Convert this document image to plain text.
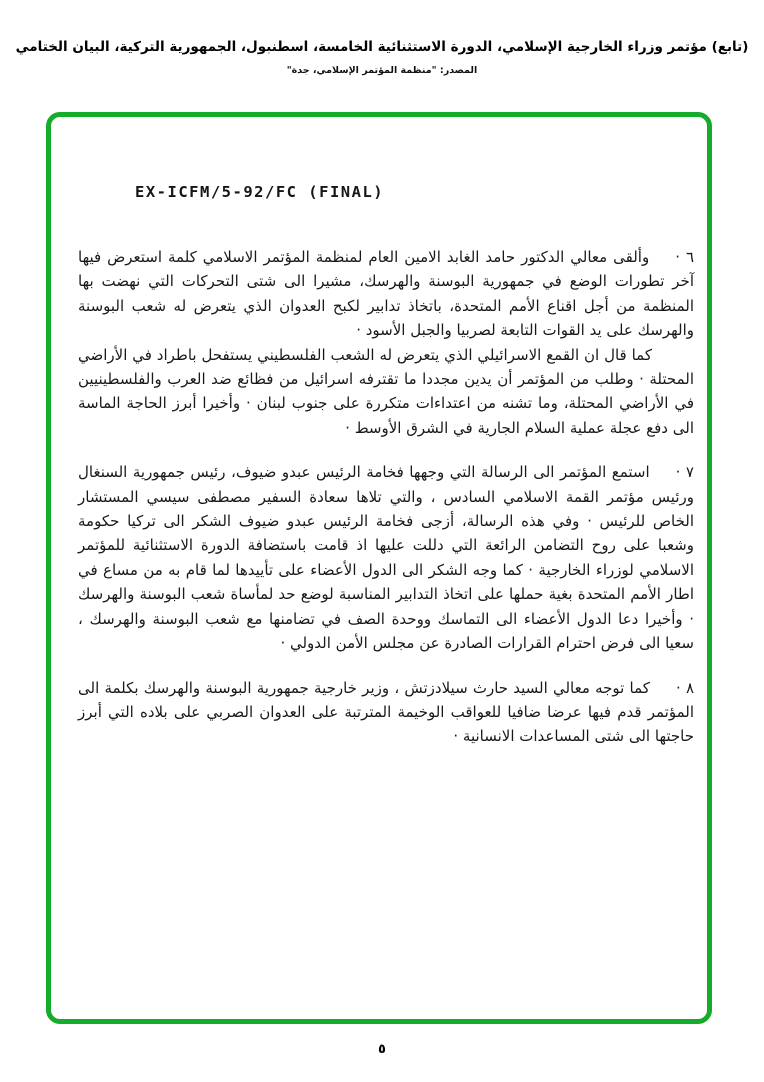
(تابع) مؤتمر وزراء الخارجية الإسلامي، الدورة الاستثنائية الخامسة، اسطنبول، الجمهورية التركية، البيان الختامي
المصدر: "منظمة المؤتمر الإسلامي، جدة"
EX-ICFM/5-92/FC (FINAL)

٦ ·وألقى معالي الدكتور حامد الغابد الامين العام لمنظمة المؤتمر الاسلامي كلمة استعرض فيها آخر تطورات الوضع في جمهورية البوسنة والهرسك، مشيرا الى شتى التحركات التي نهضت بها المنظمة من أجل اقناع الأمم المتحدة، باتخاذ تدابير لكبح العدوان الذي يتعرض له شعب البوسنة والهرسك على يد القوات التابعة لصربيا والجبل الأسود ·

كما قال ان القمع الاسرائيلي الذي يتعرض له الشعب الفلسطيني يستفحل باطراد في الأراضي المحتلة · وطلب من المؤتمر أن يدين مجددا ما تقترفه اسرائيل من فظائع ضد العرب والفلسطينيين في الأراضي المحتلة، وما تشنه من اعتداءات متكررة على جنوب لبنان · وأخيرا أبرز الحاجة الماسة الى دفع عجلة عملية السلام الجارية في الشرق الأوسط ·

٧ ·استمع المؤتمر الى الرسالة التي وجهها فخامة الرئيس عبدو ضيوف، رئيس جمهورية السنغال ورئيس مؤتمر القمة الاسلامي السادس ، والتي تلاها سعادة السفير مصطفى سيسي المستشار الخاص للرئيس · وفي هذه الرسالة، أزجى فخامة الرئيس عبدو ضيوف الشكر الى تركيا حكومة وشعبا على روح التضامن الرائعة التي دللت عليها اذ قامت باستضافة الدورة الاستثنائية للمؤتمر الاسلامي لوزراء الخارجية · كما وجه الشكر الى الدول الأعضاء على تأييدها لما قام به من مساع في اطار الأمم المتحدة بغية حملها على اتخاذ التدابير المناسبة لوضع حد لمأساة شعب البوسنة والهرسك · وأخيرا دعا الدول الأعضاء الى التماسك ووحدة الصف في تضامنها مع شعب البوسنة والهرسك ، سعيا الى فرض احترام القرارات الصادرة عن مجلس الأمن الدولي ·

٨ ·كما توجه معالي السيد حارث سيلادزتش ، وزير خارجية جمهورية البوسنة والهرسك بكلمة الى المؤتمر قدم فيها عرضا ضافيا للعواقب الوخيمة المترتبة على العدوان الصربي على بلاده التي أبرز حاجتها الى شتى المساعدات الانسانية ·

٥
